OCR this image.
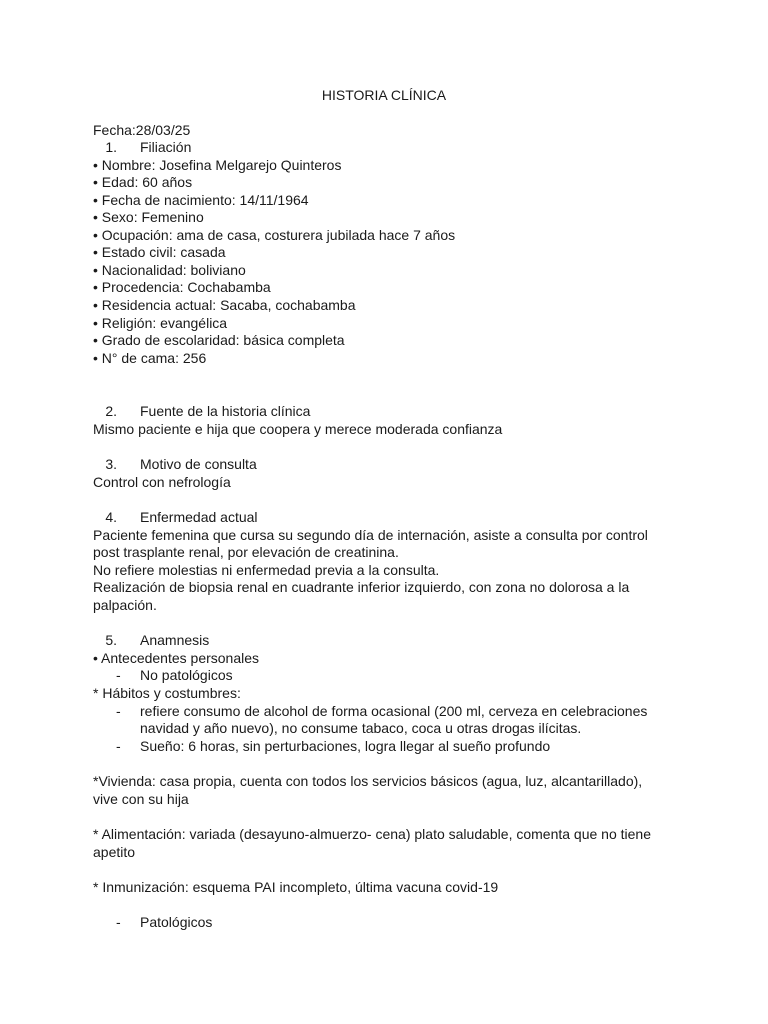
HISTORIA CLÍNICA
Fecha:28/03/25
1. Filiación
• Nombre: Josefina Melgarejo Quinteros
• Edad: 60 años
• Fecha de nacimiento: 14/11/1964
• Sexo: Femenino
• Ocupación: ama de casa, costurera jubilada hace 7 años
• Estado civil: casada
• Nacionalidad: boliviano
• Procedencia: Cochabamba
• Residencia actual: Sacaba, cochabamba
• Religión: evangélica
• Grado de escolaridad: básica completa
• N° de cama: 256
2. Fuente de la historia clínica
Mismo paciente e hija que coopera y merece moderada confianza
3. Motivo de consulta
Control con nefrología
4. Enfermedad actual
Paciente femenina que cursa su segundo día de internación, asiste a consulta por control
post trasplante renal, por elevación de creatinina.
No refiere molestias ni enfermedad previa a la consulta.
Realización de biopsia renal en cuadrante inferior izquierdo, con zona no dolorosa a la
palpación.
5. Anamnesis
• Antecedentes personales
- No patológicos
* Hábitos y costumbres:
- refiere consumo de alcohol de forma ocasional (200 ml, cerveza en celebraciones
navidad y año nuevo), no consume tabaco, coca u otras drogas ilícitas.
- Sueño: 6 horas, sin perturbaciones, logra llegar al sueño profundo
*Vivienda: casa propia, cuenta con todos los servicios básicos (agua, luz, alcantarillado),
vive con su hija
* Alimentación: variada (desayuno-almuerzo- cena) plato saludable, comenta que no tiene
apetito
* Inmunización: esquema PAI incompleto, última vacuna covid-19
- Patológicos
